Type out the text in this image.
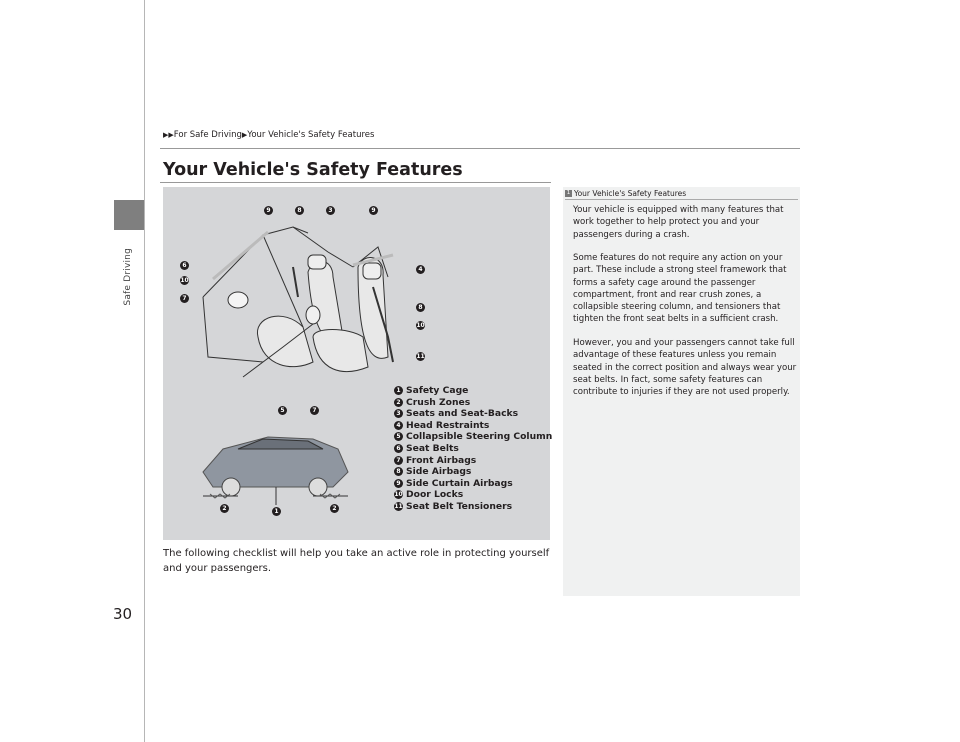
Safe Driving
30
▶▶For Safe Driving▶Your Vehicle's Safety Features
Your Vehicle's Safety Features
9	8	3	9
6
10
7
4
8
10
11
5	7
2	1	2
1 Safety Cage
2 Crush Zones
3 Seats and Seat-Backs
4 Head Restraints
5 Collapsible Steering Column
6 Seat Belts
7 Front Airbags
8 Side Airbags
9 Side Curtain Airbags
10 Door Locks
11 Seat Belt Tensioners

The following checklist will help you take an active role in protecting yourself and your passengers.

1 Your Vehicle's Safety Features

Your vehicle is equipped with many features that work together to help protect you and your passengers during a crash.

Some features do not require any action on your part. These include a strong steel framework that forms a safety cage around the passenger compartment, front and rear crush zones, a collapsible steering column, and tensioners that tighten the front seat belts in a sufficient crash.

However, you and your passengers cannot take full advantage of these features unless you remain seated in the correct position and always wear your seat belts. In fact, some safety features can contribute to injuries if they are not used properly.
